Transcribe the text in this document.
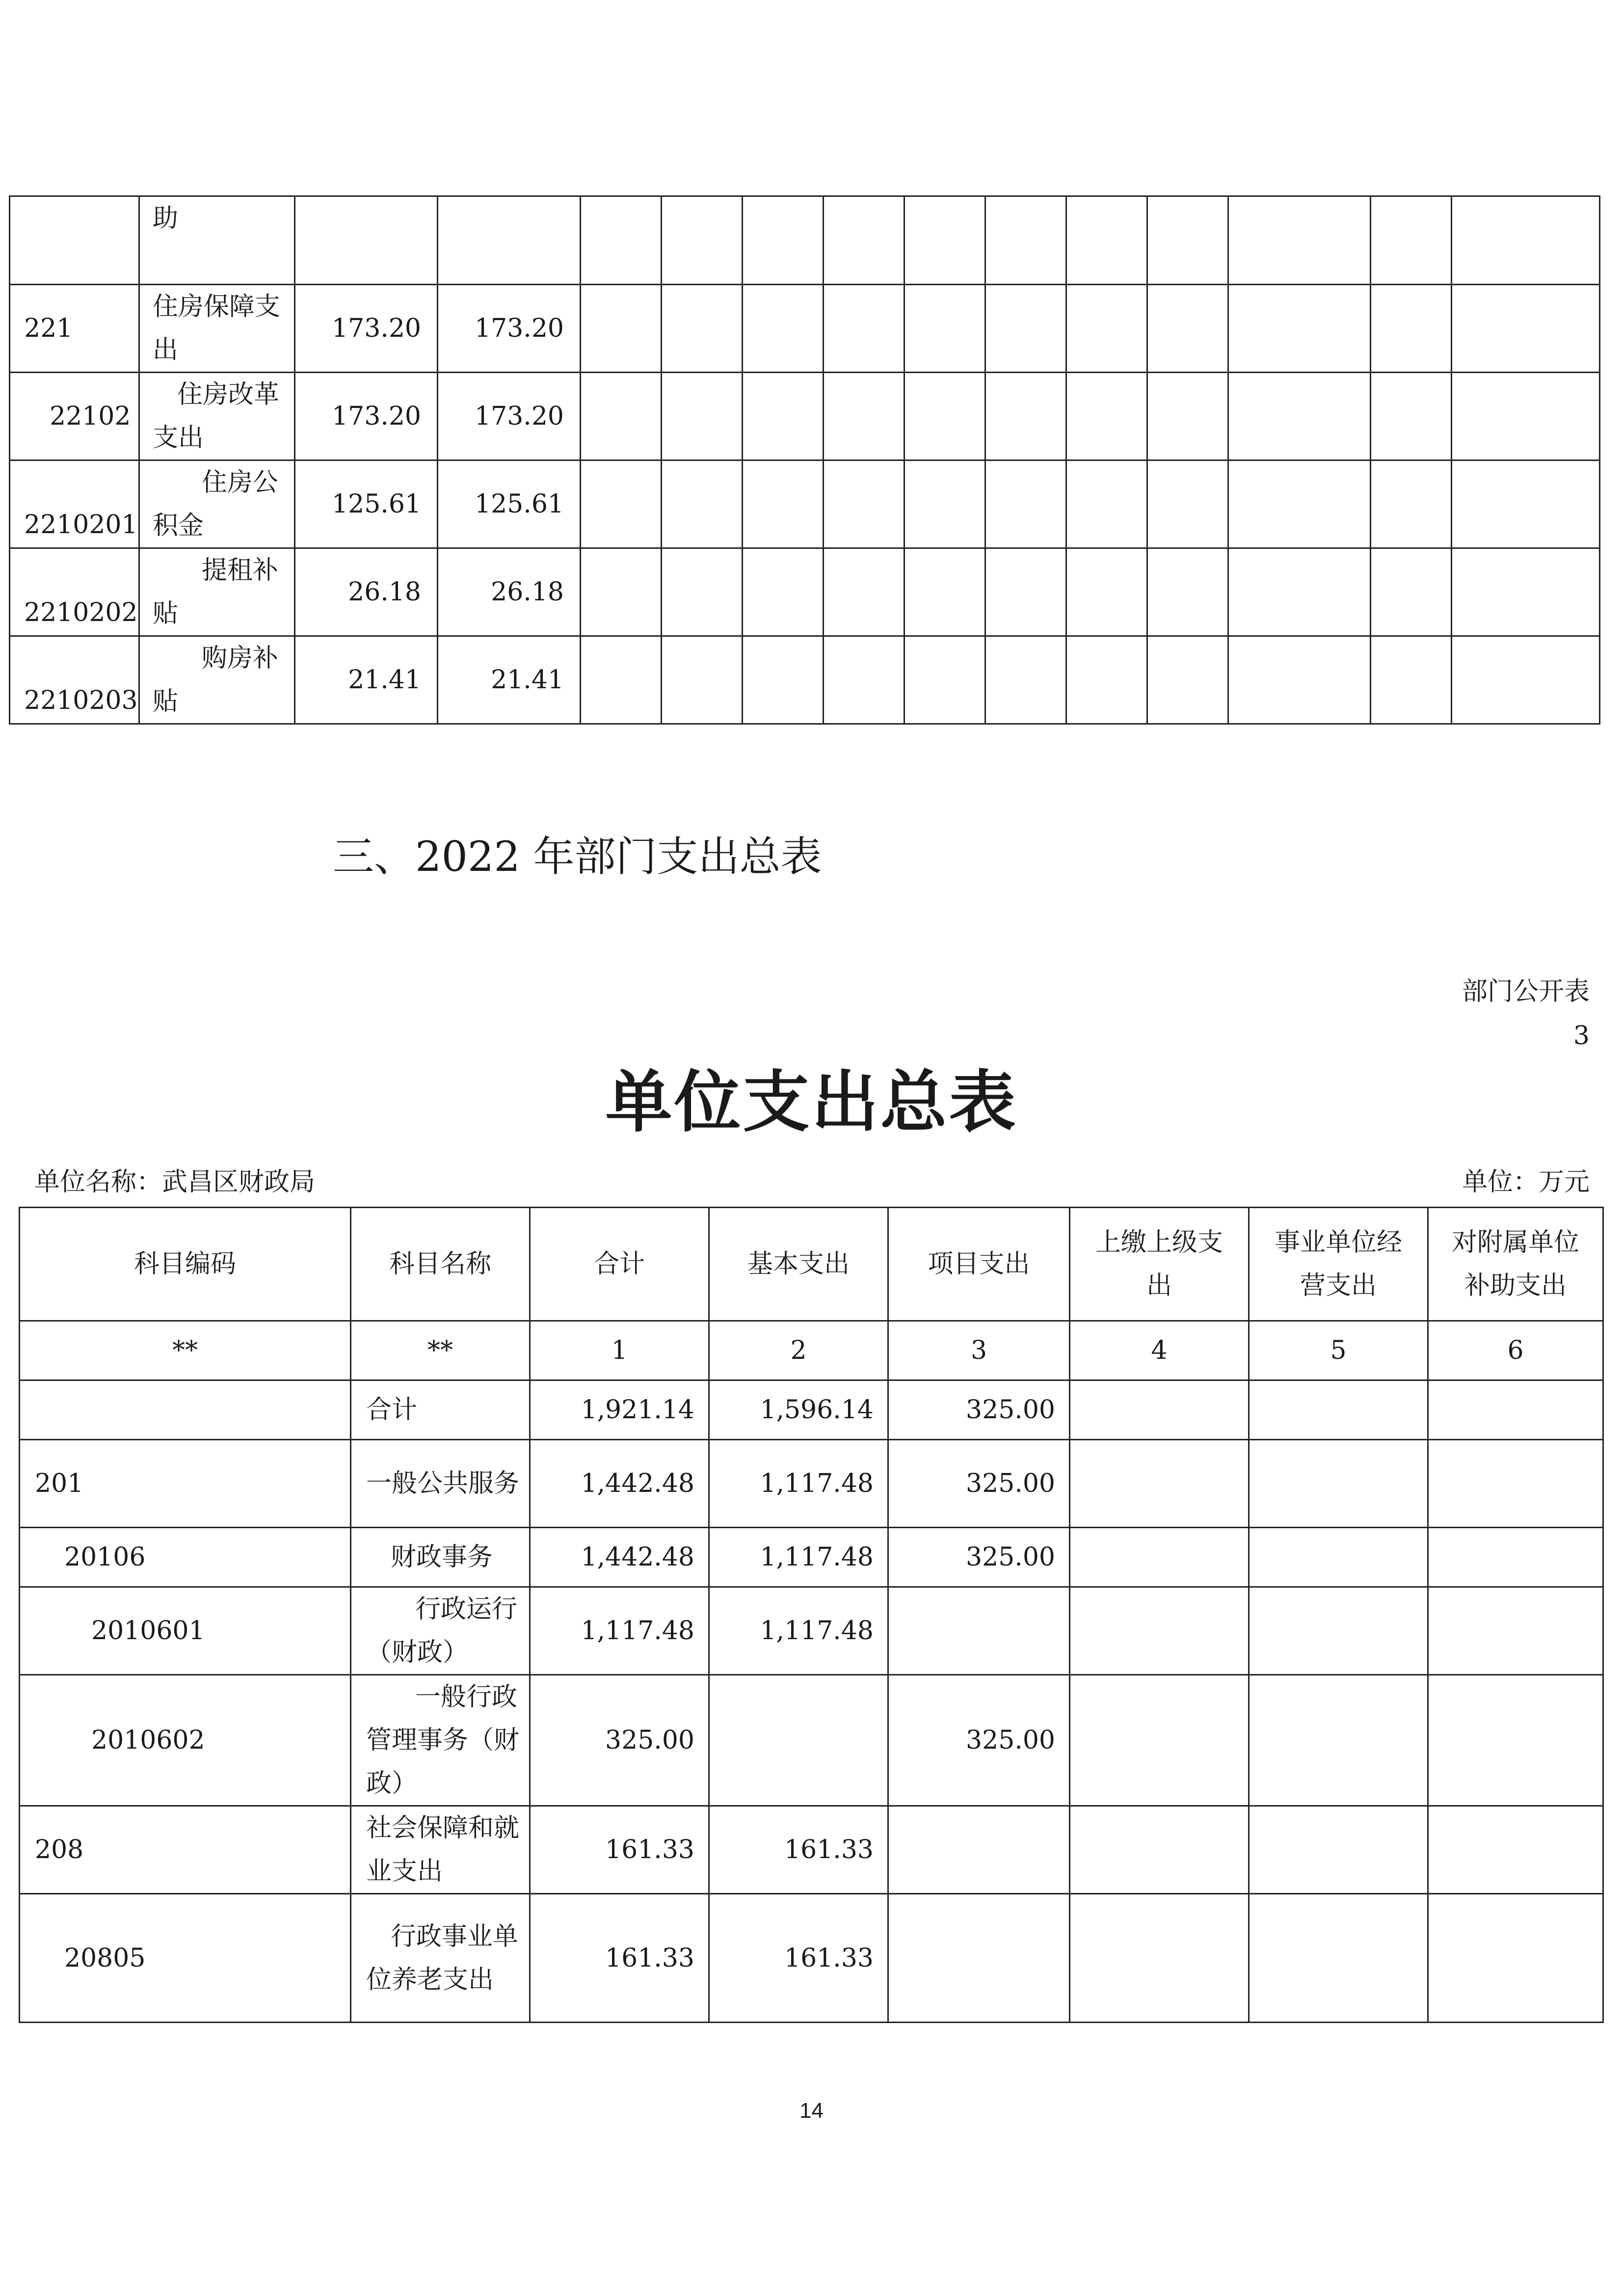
	助													
221	住房保障支出	173.20	173.20											
22102	住房改革支出	173.20	173.20											
2210201	住房公积金	125.61	125.61											
2210202	提租补贴	26.18	26.18											
2210203	购房补贴	21.41	21.41											
三、2022 年部门支出总表
部门公开表
3
单位支出总表
单位名称：武昌区财政局	单位：万元
科目编码	科目名称	合计	基本支出	项目支出	上缴上级支出	事业单位经营支出	对附属单位补助支出
**	**	1	2	3	4	5	6
	合计	1,921.14	1,596.14	325.00			
201	一般公共服务	1,442.48	1,117.48	325.00			
20106	财政事务	1,442.48	1,117.48	325.00			
2010601	行政运行（财政）	1,117.48	1,117.48				
2010602	一般行政管理事务（财政）	325.00		325.00			
208	社会保障和就业支出	161.33	161.33				
20805	行政事业单位养老支出	161.33	161.33				
14
